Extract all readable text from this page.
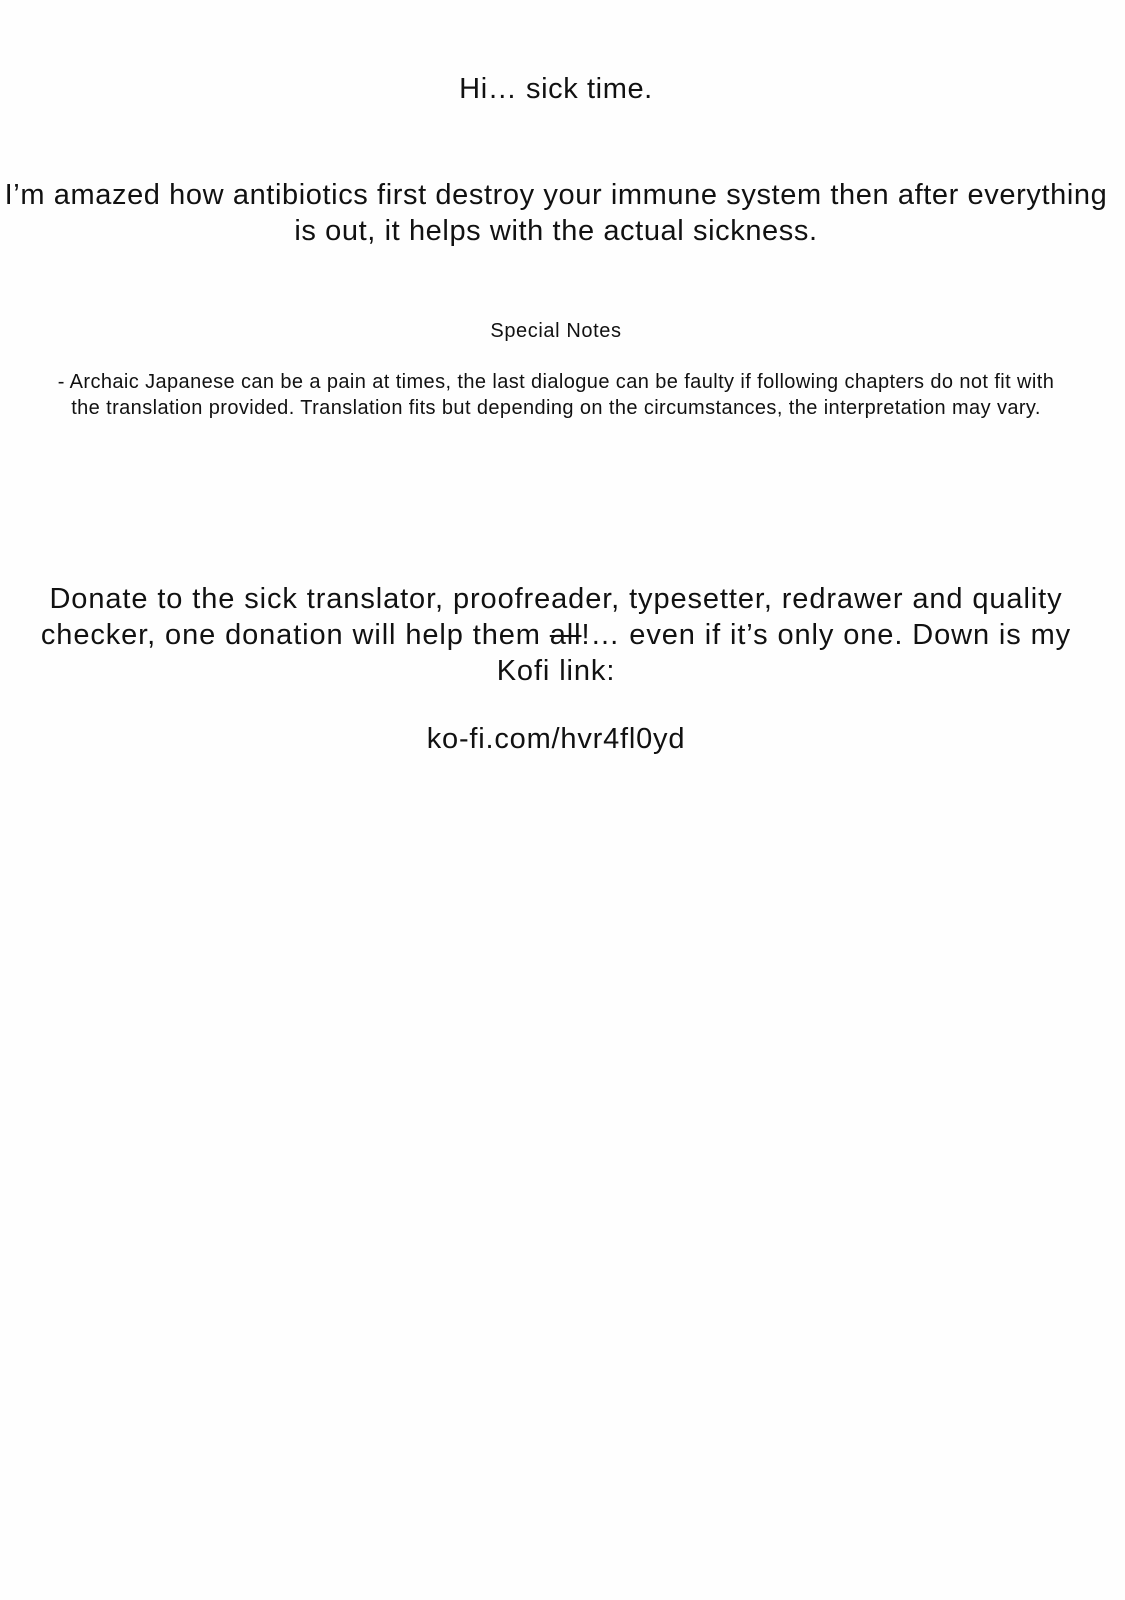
Hi… sick time.
I’m amazed how antibiotics first destroy your immune system then after everything is out, it helps with the actual sickness.
Special Notes
- Archaic Japanese can be a pain at times, the last dialogue can be faulty if following chapters do not fit with the translation provided. Translation fits but depending on the circumstances, the interpretation may vary.
Donate to the sick translator, proofreader, typesetter, redrawer and quality checker, one donation will help them all!… even if it’s only one. Down is my Kofi link:
ko-fi.com/hvr4fl0yd
